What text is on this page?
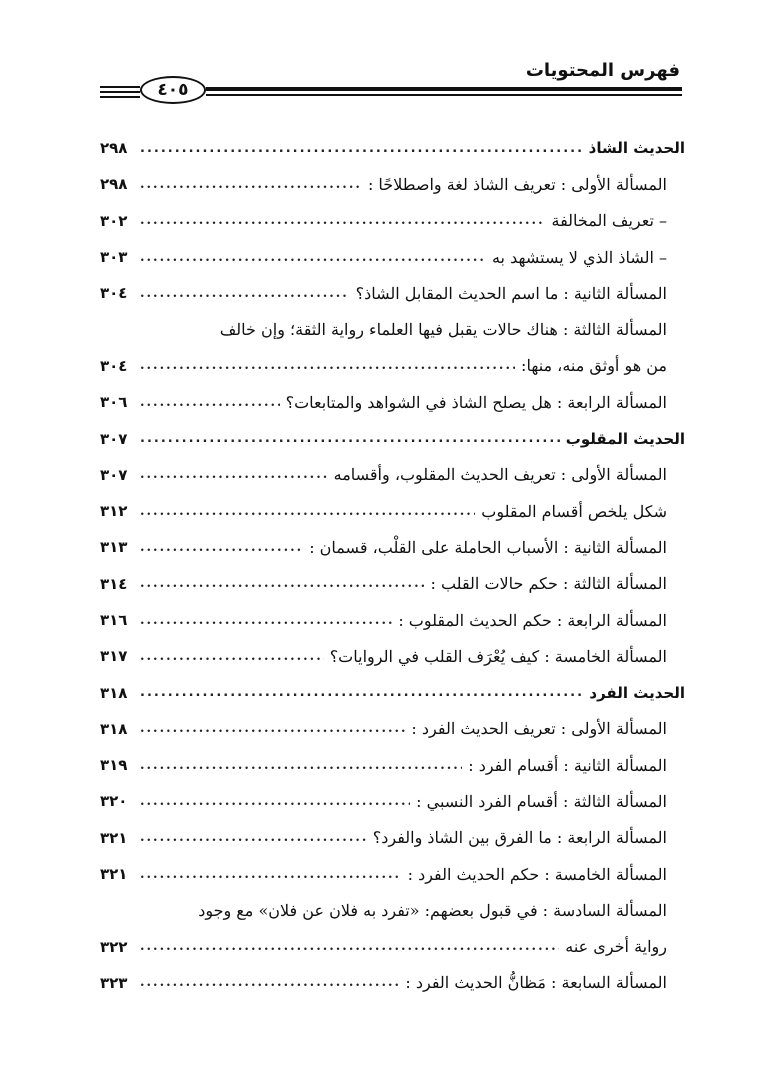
فهرس المحتويات
٤٠٥
الحديث الشاذ
.....
٢٩٨
المسألة الأولى : تعريف الشاذ لغة واصطلاحًا :
.....
٢٩٨
– تعريف المخالفة
.....
٣٠٢
– الشاذ الذي لا يستشهد به
.....
٣٠٣
المسألة الثانية : ما اسم الحديث المقابل الشاذ؟
.....
٣٠٤
المسألة الثالثة : هناك حالات يقبل فيها العلماء رواية الثقة؛ وإن خالف
من هو أوثق منه، منها:
.....
٣٠٤
المسألة الرابعة : هل يصلح الشاذ في الشواهد والمتابعات؟
.....
٣٠٦
الحديث المقلوب
.....
٣٠٧
المسألة الأولى : تعريف الحديث المقلوب، وأقسامه
.....
٣٠٧
شكل يلخص أقسام المقلوب
.....
٣١٢
المسألة الثانية : الأسباب الحاملة على القلْب، قسمان :
.....
٣١٣
المسألة الثالثة : حكم حالات القلب :
.....
٣١٤
المسألة الرابعة : حكم الحديث المقلوب :
.....
٣١٦
المسألة الخامسة : كيف يُعْرَف القلب في الروايات؟
.....
٣١٧
الحديث الفرد
.....
٣١٨
المسألة الأولى : تعريف الحديث الفرد :
.....
٣١٨
المسألة الثانية : أقسام الفرد :
.....
٣١٩
المسألة الثالثة : أقسام الفرد النسبي :
.....
٣٢٠
المسألة الرابعة : ما الفرق بين الشاذ والفرد؟
.....
٣٢١
المسألة الخامسة : حكم الحديث الفرد :
.....
٣٢١
المسألة السادسة : في قبول بعضهم: «تفرد به فلان عن فلان» مع وجود
رواية أخرى عنه
.....
٣٢٢
المسألة السابعة : مَظانُّ الحديث الفرد :
.....
٣٢٣
